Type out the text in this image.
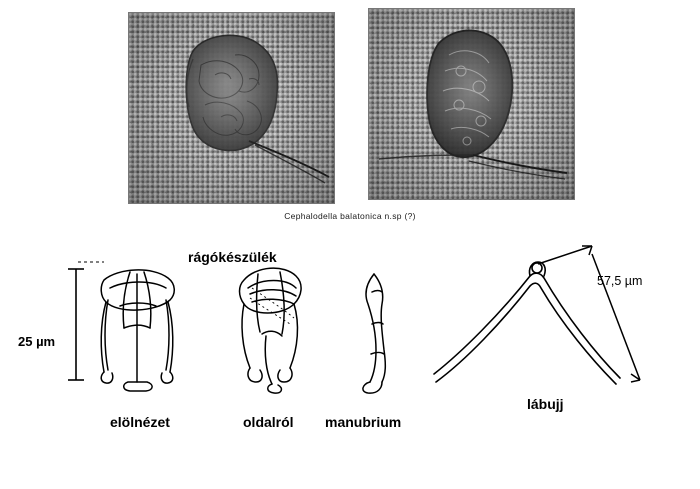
Cephalodella balatonica n.sp (?)
rágókészülék
25 µm
57,5 µm
elölnézet	oldalról manubrium
lábujj
